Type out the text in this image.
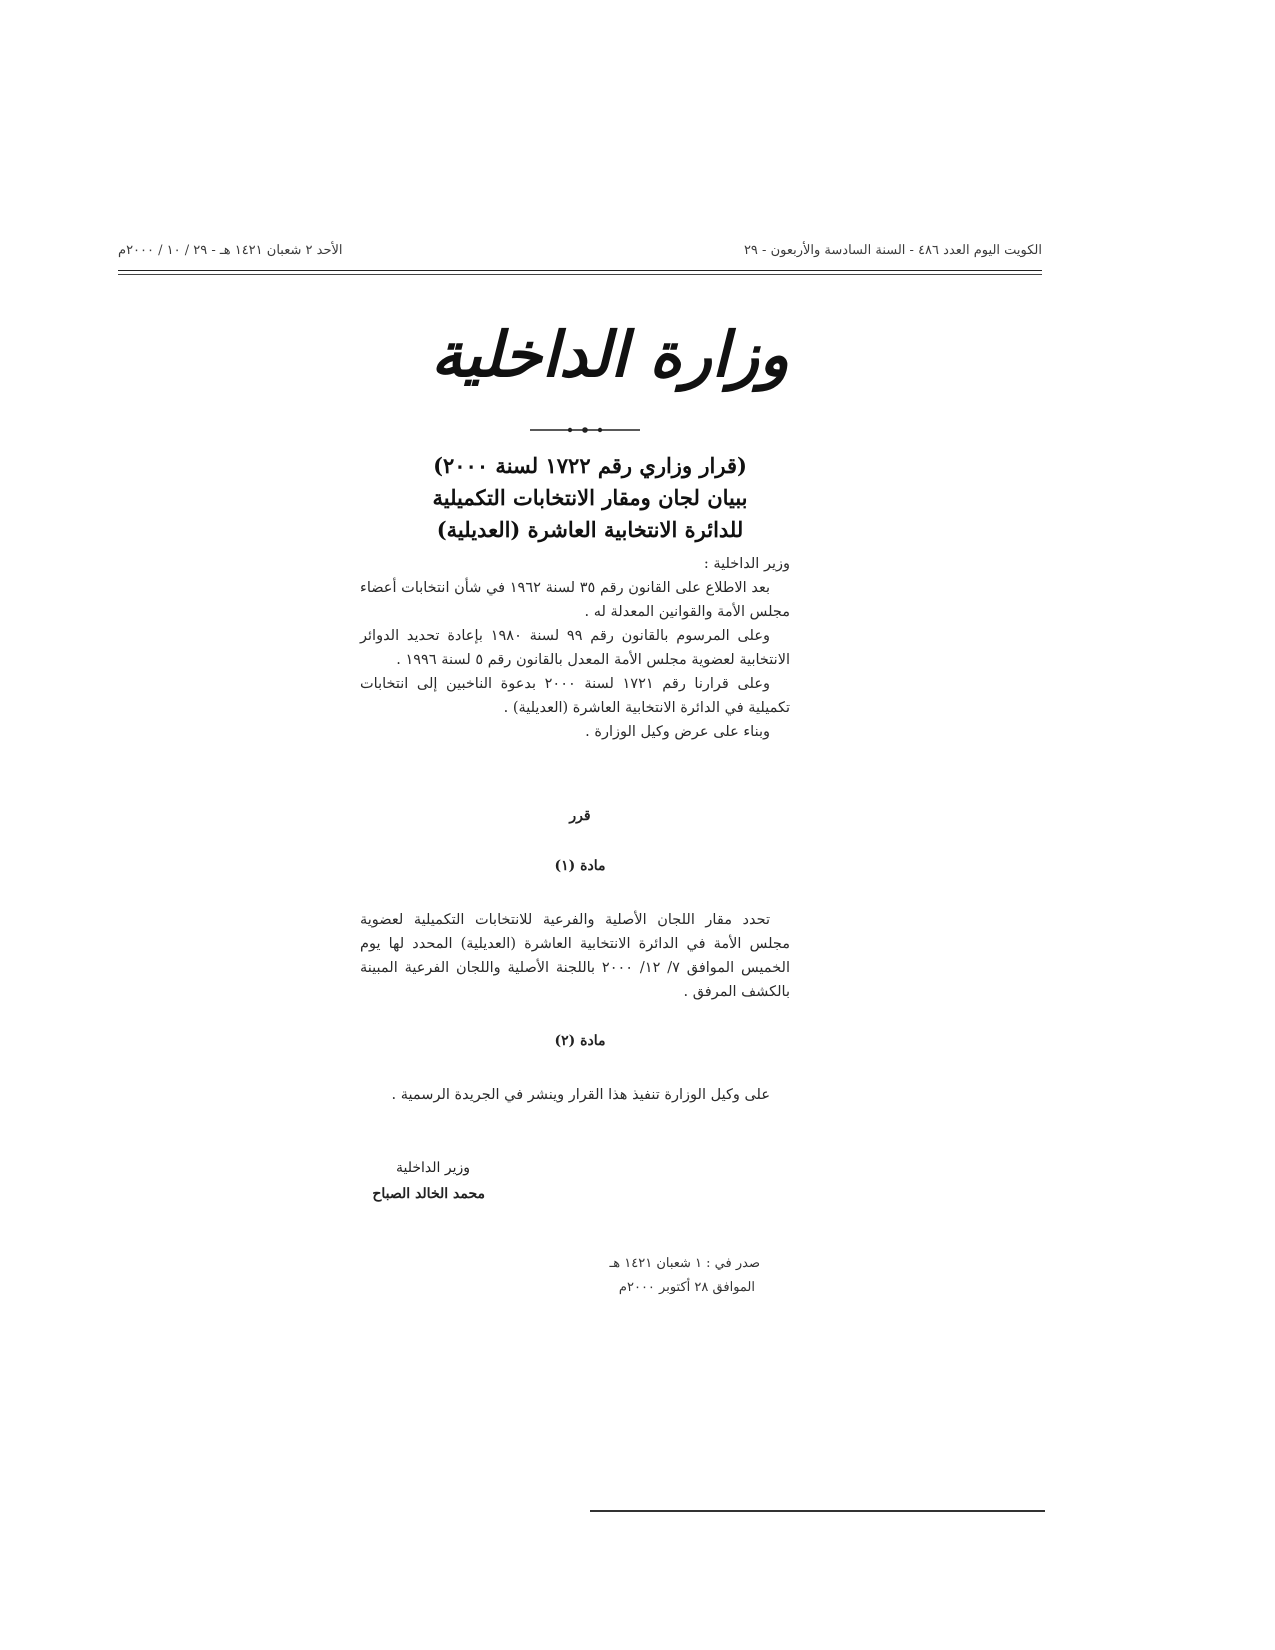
الأحد ٢ شعبان ١٤٢١ هـ - ٢٩ / ١٠ / ٢٠٠٠م	الكويت اليوم العدد ٤٨٦ - السنة السادسة والأربعون - ٢٩
وزارة الداخلية
(قرار وزاري رقم ١٧٢٢ لسنة ٢٠٠٠)
ببيان لجان ومقار الانتخابات التكميلية
للدائرة الانتخابية العاشرة (العديلية)

وزير الداخلية :

بعد الاطلاع على القانون رقم ٣٥ لسنة ١٩٦٢ في شأن انتخابات أعضاء مجلس الأمة والقوانين المعدلة له .

وعلى المرسوم بالقانون رقم ٩٩ لسنة ١٩٨٠ بإعادة تحديد الدوائر الانتخابية لعضوية مجلس الأمة المعدل بالقانون رقم ٥ لسنة ١٩٩٦ .

وعلى قرارنا رقم ١٧٢١ لسنة ٢٠٠٠ بدعوة الناخبين إلى انتخابات تكميلية في الدائرة الانتخابية العاشرة (العديلية) .

وبناء على عرض وكيل الوزارة .

قرر
مادة (١)
تحدد مقار اللجان الأصلية والفرعية للانتخابات التكميلية لعضوية مجلس الأمة في الدائرة الانتخابية العاشرة (العديلية) المحدد لها يوم الخميس الموافق ٧/ ١٢/ ٢٠٠٠ باللجنة الأصلية واللجان الفرعية المبينة بالكشف المرفق .
مادة (٢)
على وكيل الوزارة تنفيذ هذا القرار وينشر في الجريدة الرسمية .
وزير الداخلية
محمد الخالد الصباح
صدر في : ١ شعبان ١٤٢١ هـ
الموافق ٢٨ أكتوبر ٢٠٠٠م
